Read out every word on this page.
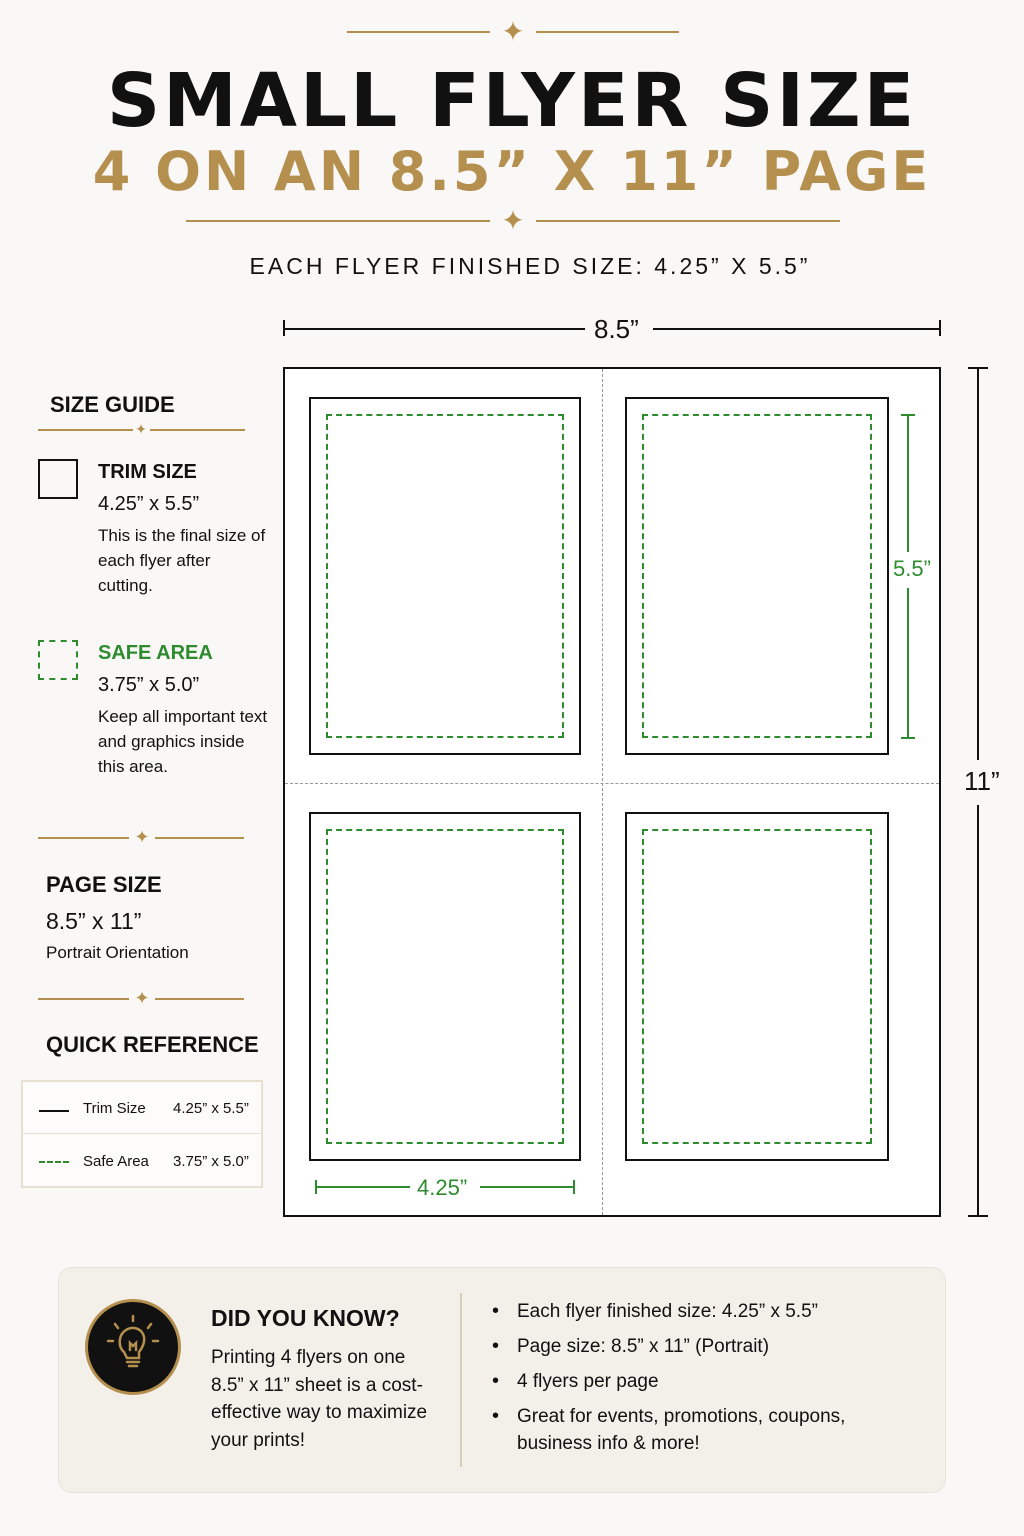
✦
SMALL FLYER SIZE
4 ON AN 8.5” X 11” PAGE
✦
EACH FLYER FINISHED SIZE: 4.25” X 5.5”
SIZE GUIDE
✦
TRIM SIZE
4.25” x 5.5”
This is the final size of each flyer after cutting.
SAFE AREA
3.75” x 5.0”
Keep all important text and graphics inside this area.
✦
PAGE SIZE
8.5” x 11”
Portrait Orientation
✦
QUICK REFERENCE
Trim Size 4.25” x 5.5”
Safe Area 3.75” x 5.0”
8.5”
11”
5.5”
4.25”
DID YOU KNOW?
Printing 4 flyers on one 8.5” x 11” sheet is a cost-effective way to maximize your prints!
• Each flyer finished size: 4.25” x 5.5”
• Page size: 8.5” x 11” (Portrait)
• 4 flyers per page
• Great for events, promotions, coupons, business info & more!
